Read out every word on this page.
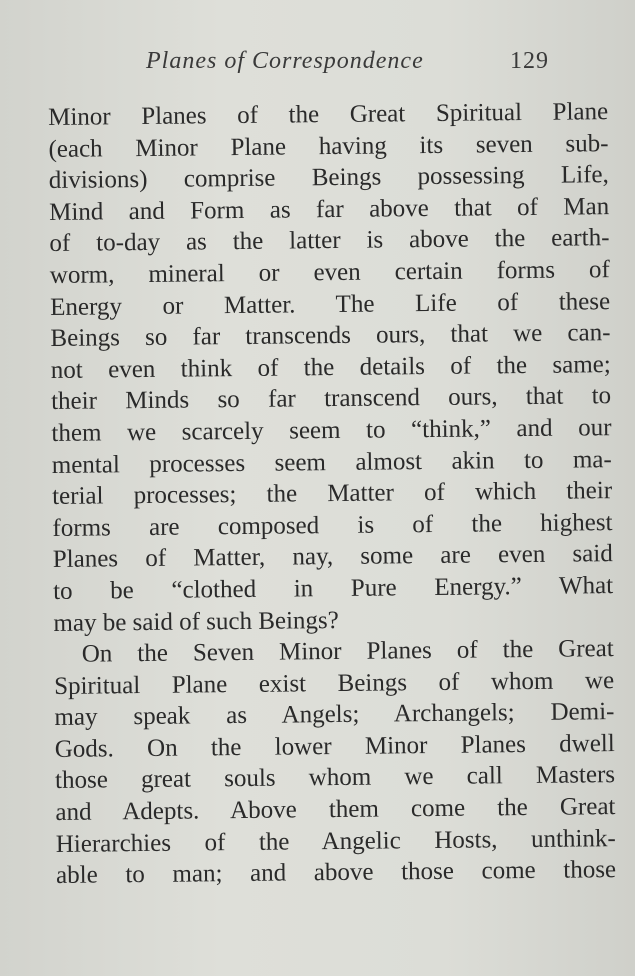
Planes of Correspondence	129
Minor Planes of the Great Spiritual Plane
(each Minor Plane having its seven sub-
divisions) comprise Beings possessing Life,
Mind and Form as far above that of Man
of to-day as the latter is above the earth-
worm, mineral or even certain forms of
Energy or Matter. The Life of these
Beings so far transcends ours, that we can-
not even think of the details of the same;
their Minds so far transcend ours, that to
them we scarcely seem to “think,” and our
mental processes seem almost akin to ma-
terial processes; the Matter of which their
forms are composed is of the highest
Planes of Matter, nay, some are even said
to be “clothed in Pure Energy.” What
may be said of such Beings?
On the Seven Minor Planes of the Great
Spiritual Plane exist Beings of whom we
may speak as Angels; Archangels; Demi-
Gods. On the lower Minor Planes dwell
those great souls whom we call Masters
and Adepts. Above them come the Great
Hierarchies of the Angelic Hosts, unthink-
able to man; and above those come those
